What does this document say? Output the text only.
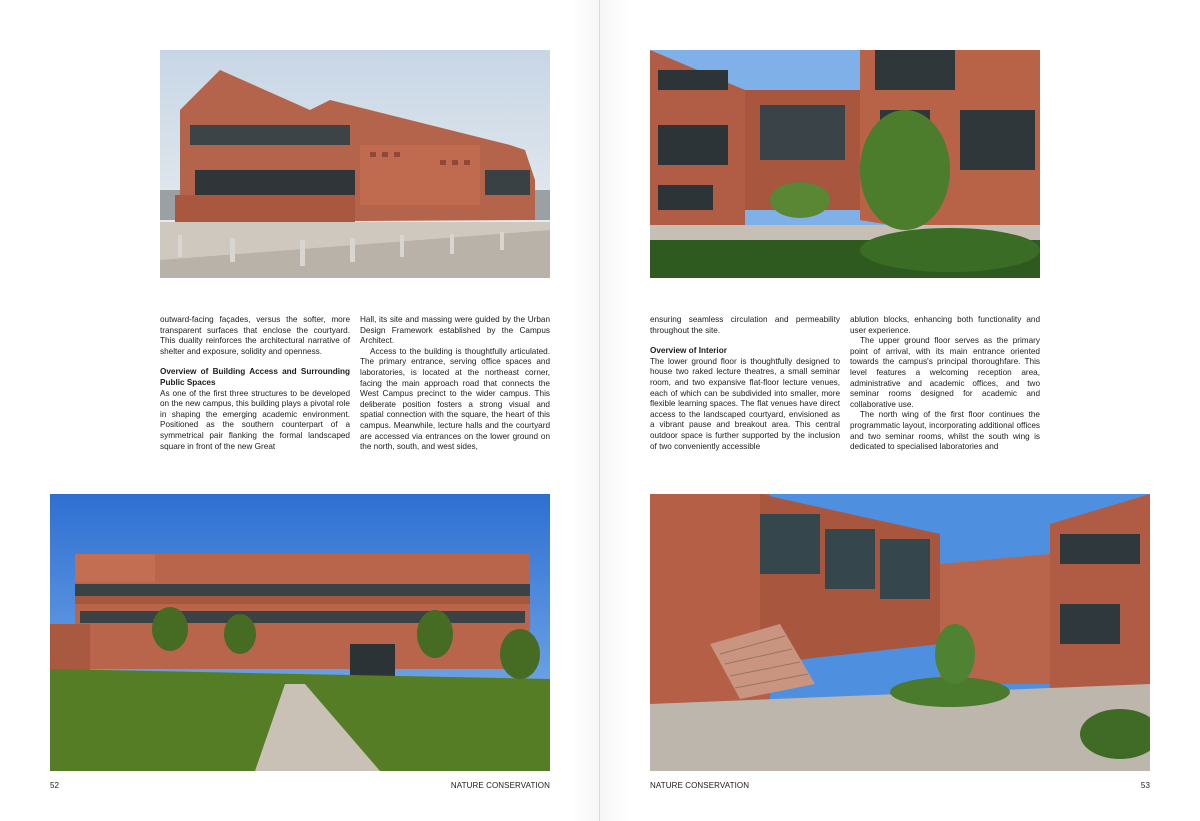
outward-facing façades, versus the softer, more transparent surfaces that enclose the courtyard. This duality reinforces the architectural narrative of shelter and exposure, solidity and openness.

Overview of Building Access and Surrounding Public Spaces

As one of the first three structures to be developed on the new campus, this building plays a pivotal role in shaping the emerging academic environment. Positioned as the southern counterpart of a symmetrical pair flanking the formal landscaped square in front of the new Great

Hall, its site and massing were guided by the Urban Design Framework established by the Campus Architect.

Access to the building is thoughtfully articulated. The primary entrance, serving office spaces and laboratories, is located at the northeast corner, facing the main approach road that connects the West Campus precinct to the wider campus. This deliberate position fosters a strong visual and spatial connection with the square, the heart of this campus. Meanwhile, lecture halls and the courtyard are accessed via entrances on the lower ground on the north, south, and west sides,

ensuring seamless circulation and permeability throughout the site.

Overview of Interior

The lower ground floor is thoughtfully designed to house two raked lecture theatres, a small seminar room, and two expansive flat-floor lecture venues, each of which can be subdivided into smaller, more flexible learning spaces. The flat venues have direct access to the landscaped courtyard, envisioned as a vibrant pause and breakout area. This central outdoor space is further supported by the inclusion of two conveniently accessible

ablution blocks, enhancing both functionality and user experience.

The upper ground floor serves as the primary point of arrival, with its main entrance oriented towards the campus's principal thoroughfare. This level features a welcoming reception area, administrative and academic offices, and two seminar rooms designed for academic and collaborative use.

The north wing of the first floor continues the programmatic layout, incorporating additional offices and two seminar rooms, whilst the south wing is dedicated to specialised laboratories and

52	NATURE CONSERVATION	NATURE CONSERVATION	53
